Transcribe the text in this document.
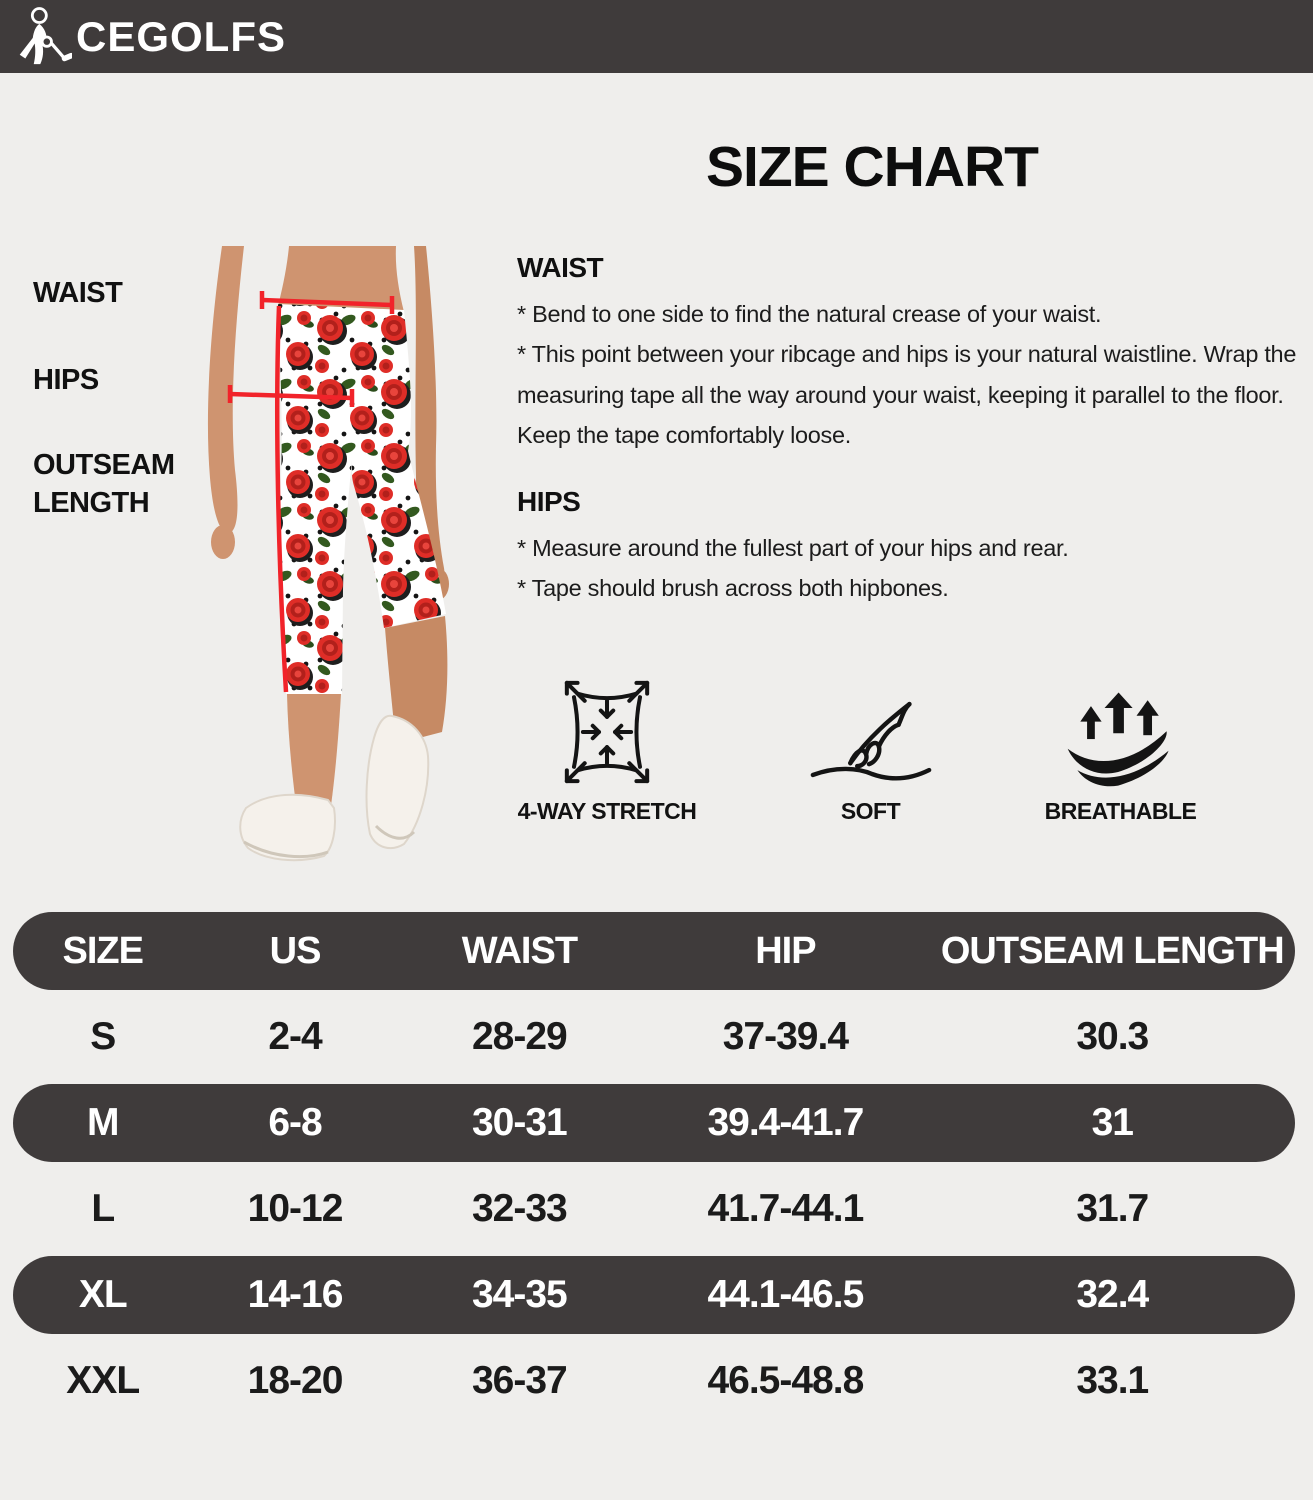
CEGOLFS
SIZE CHART
WAIST
HIPS
OUTSEAM LENGTH
WAIST

* Bend to one side to find the natural crease of your waist.

* This point between your ribcage and hips is your natural waistline. Wrap the measuring tape all the way around your waist, keeping it parallel to the floor. Keep the tape comfortably loose.

HIPS

* Measure around the fullest part of your hips and rear.

* Tape should brush across both hipbones.

4-WAY STRETCH	SOFT	BREATHABLE
SIZE	US	WAIST	HIP	OUTSEAM LENGTH
S	2-4	28-29	37-39.4	30.3
M	6-8	30-31	39.4-41.7	31
L	10-12	32-33	41.7-44.1	31.7
XL	14-16	34-35	44.1-46.5	32.4
XXL	18-20	36-37	46.5-48.8	33.1
